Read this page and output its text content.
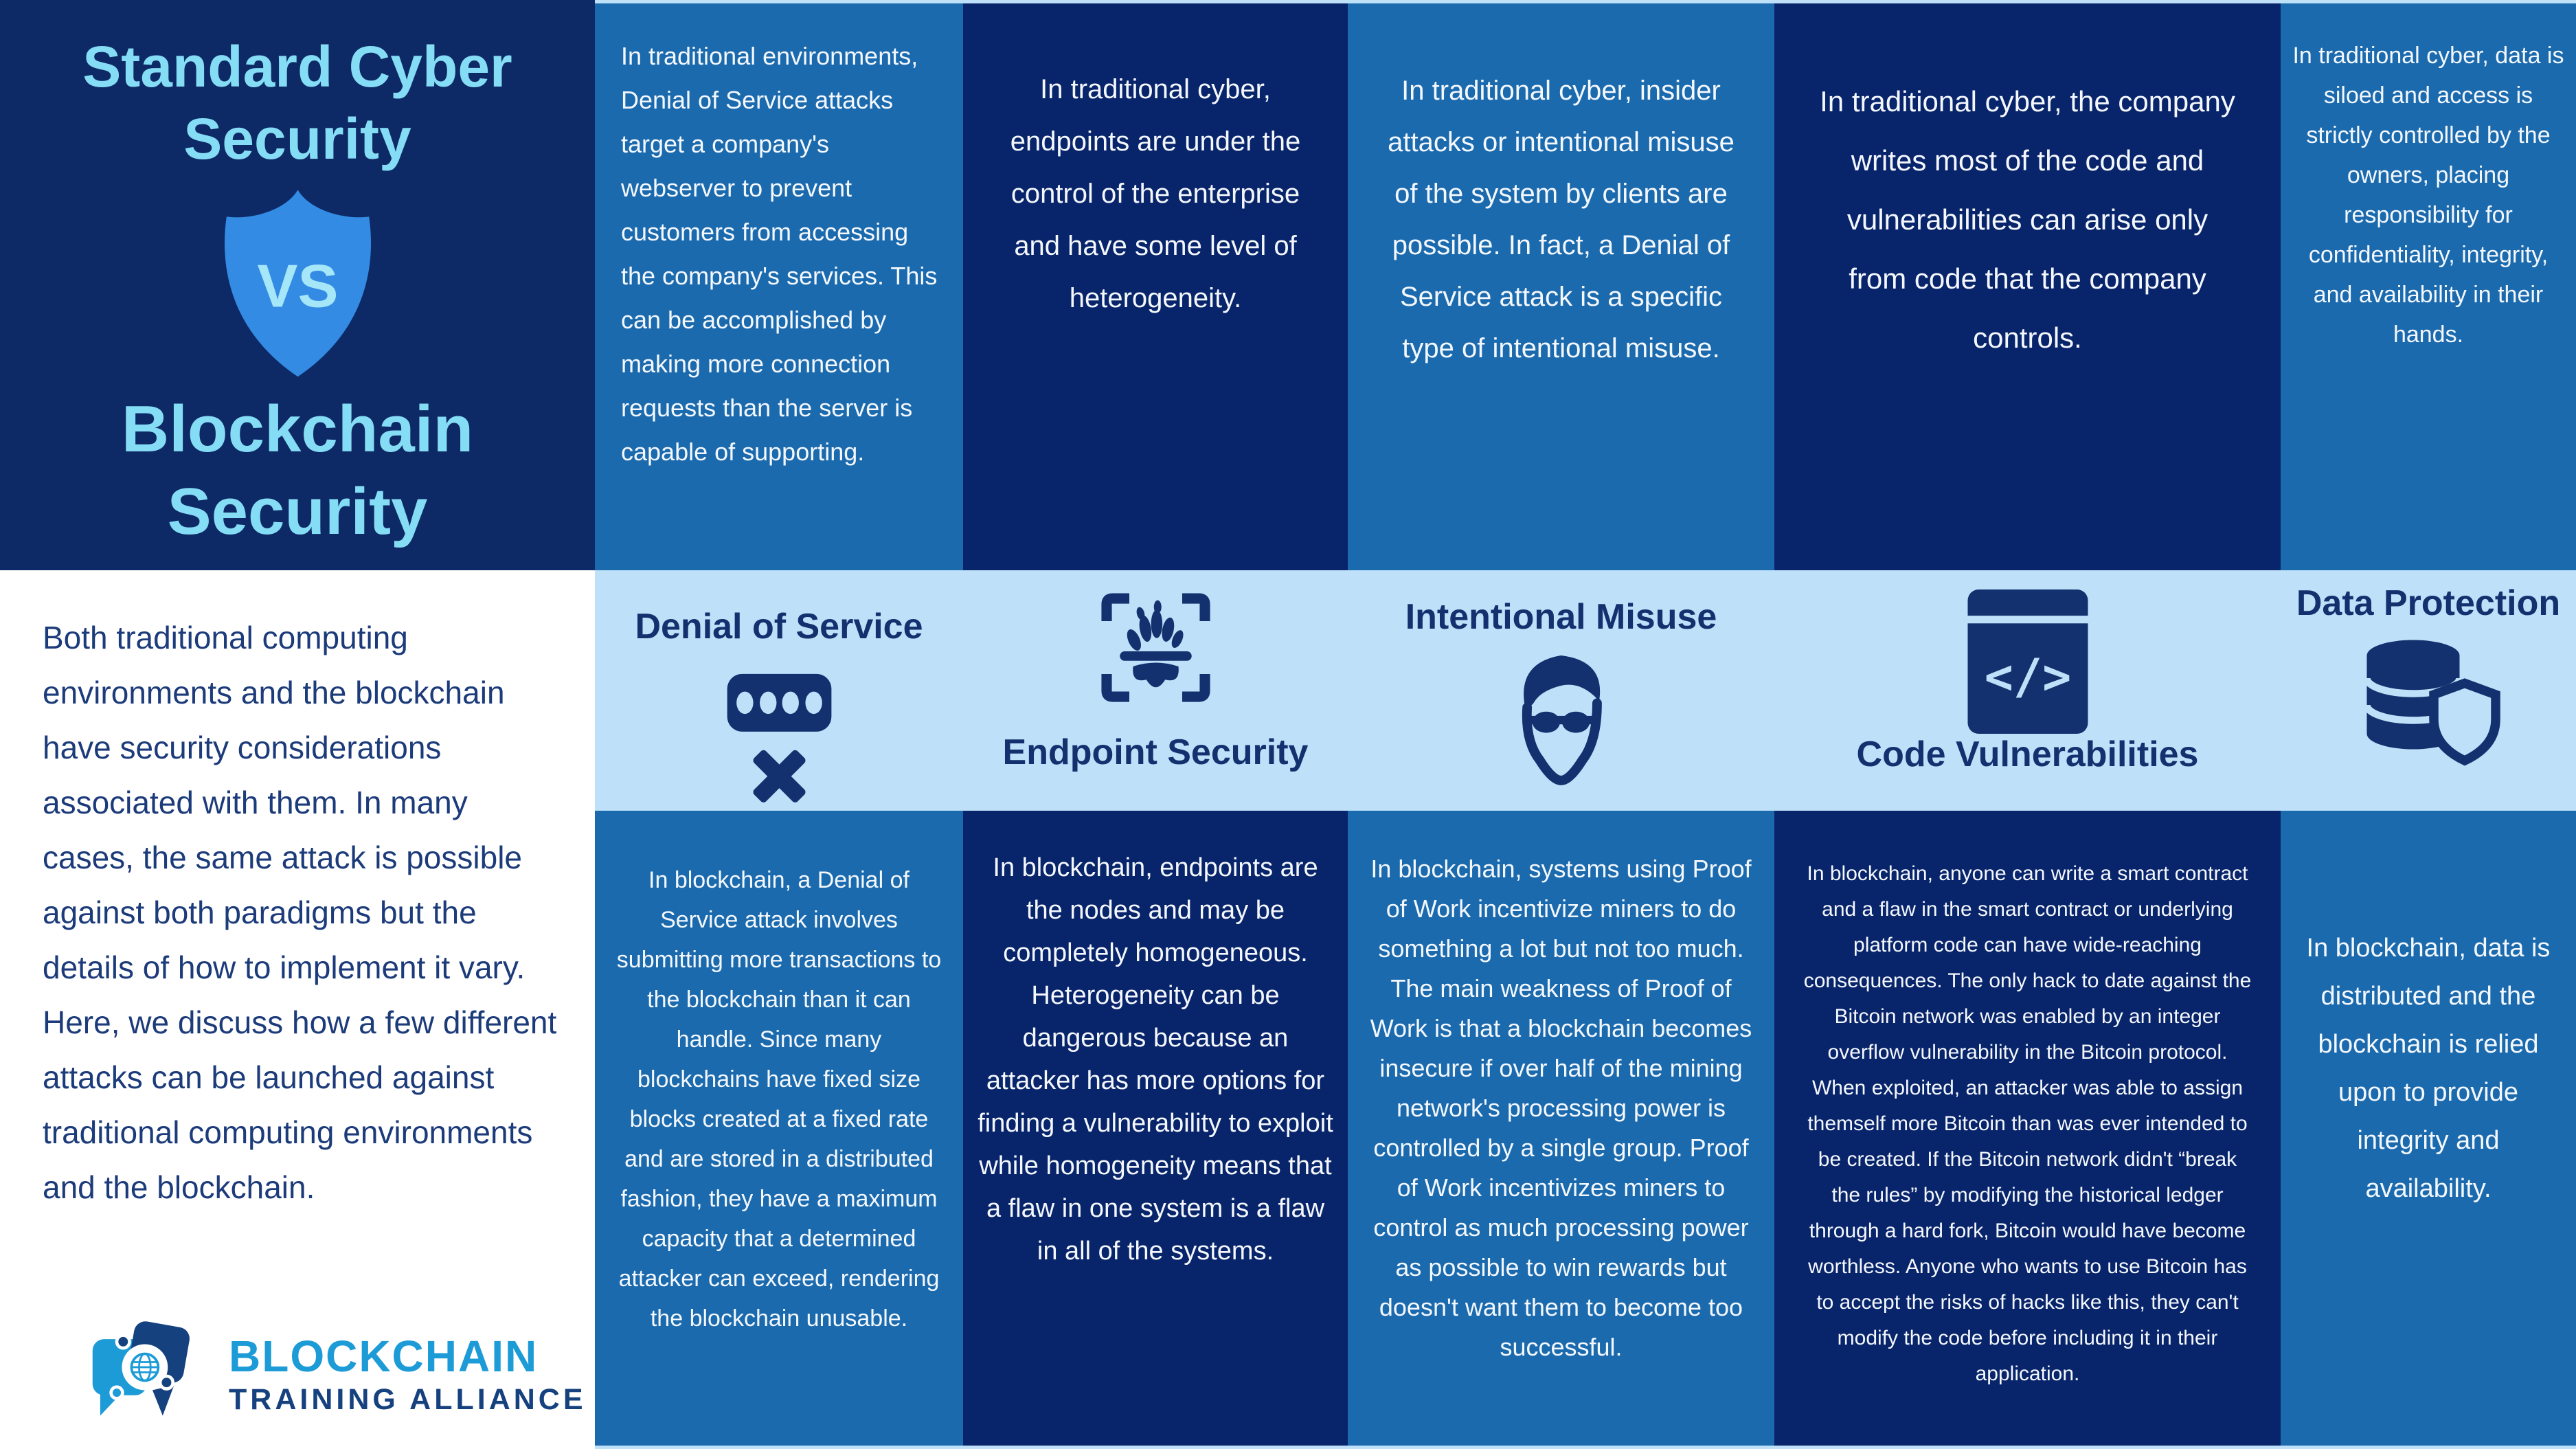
Standard Cyber Security
VS
Blockchain Security
Both traditional computing environments and the blockchain have security considerations associated with them. In many cases, the same attack is possible against both paradigms but the details of how to implement it vary. Here, we discuss how a few different attacks can be launched against traditional computing environments and the blockchain.
BLOCKCHAIN
TRAINING ALLIANCE
In traditional environments, Denial of Service attacks target a company's webserver to prevent customers from accessing the company's services. This can be accomplished by making more connection requests than the server is capable of supporting.
In traditional cyber, endpoints are under the control of the enterprise and have some level of heterogeneity.
In traditional cyber, insider attacks or intentional misuse of the system by clients are possible. In fact, a Denial of Service attack is a specific type of intentional misuse.
In traditional cyber, the company writes most of the code and vulnerabilities can arise only from code that the company controls.
In traditional cyber, data is siloed and access is strictly controlled by the owners, placing responsibility for confidentiality, integrity, and availability in their hands.
Denial of Service
Endpoint Security
Intentional Misuse
</>
Code Vulnerabilities
Data Protection
In blockchain, a Denial of Service attack involves submitting more transactions to the blockchain than it can handle. Since many blockchains have fixed size blocks created at a fixed rate and are stored in a distributed fashion, they have a maximum capacity that a determined attacker can exceed, rendering the blockchain unusable.
In blockchain, endpoints are the nodes and may be completely homogeneous. Heterogeneity can be dangerous because an attacker has more options for finding a vulnerability to exploit while homogeneity means that a flaw in one system is a flaw in all of the systems.
In blockchain, systems using Proof of Work incentivize miners to do something a lot but not too much. The main weakness of Proof of Work is that a blockchain becomes insecure if over half of the mining network's processing power is controlled by a single group. Proof of Work incentivizes miners to control as much processing power as possible to win rewards but doesn't want them to become too successful.
In blockchain, anyone can write a smart contract and a flaw in the smart contract or underlying platform code can have wide-reaching consequences. The only hack to date against the Bitcoin network was enabled by an integer overflow vulnerability in the Bitcoin protocol. When exploited, an attacker was able to assign themself more Bitcoin than was ever intended to be created. If the Bitcoin network didn't “break the rules” by modifying the historical ledger through a hard fork, Bitcoin would have become worthless. Anyone who wants to use Bitcoin has to accept the risks of hacks like this, they can't modify the code before including it in their application.
In blockchain, data is distributed and the blockchain is relied upon to provide integrity and availability.
